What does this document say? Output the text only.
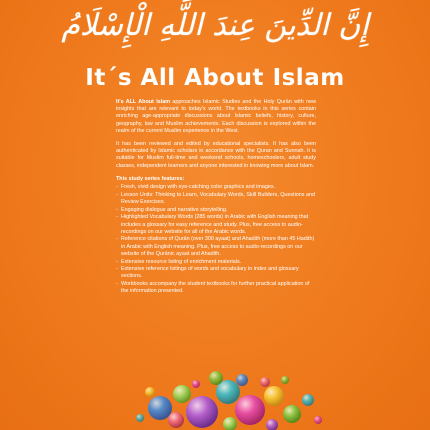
إِنَّ الدِّينَ عِندَ اللَّهِ الْإِسْلَامُ
It´s All About Islam

It's ALL About Islam approaches Islamic Studies and the Holy Qurān with new insights that are relevant to today's world. The textbooks in this series contain enriching age-appropriate discussions about Islamic beliefs, history, culture, geography, law and Muslim achievements. Each discussion is explored within the realm of the current Muslim experience in the West.

It has been reviewed and edited by educational specialists. It has also been authenticated by Islamic scholars in accordance with the Quran and Sunnah. It is suitable for Muslim full-time and weekend schools, homeschoolers, adult study classes, independent learners and anyone interested in knowing more about Islam.

This study series features:
- Fresh, vivid design with eye-catching color graphics and images.
- Lesson Units: Thinking to Learn, Vocabulary Words, Skill Builders, Questions and Review Exercises.
- Engaging dialogue and narrative storytelling.
- Highlighted Vocabulary Words (285 words) in Arabic with English meaning that includes a glossary for easy reference and study. Plus, free access to audio-recordings on our website for all of the Arabic words.
- Reference citations of Qurān (over 300 ayaat) and Ahadith (more than 45 Hadith) in Arabic with English meaning. Plus, free access to audio-recordings on our website of the Qurānic ayaat and Ahadith.
- Extensive resource listing of enrichment materials.
- Extensive reference listings of words and vocabulary in index and glossary sections.
- Workbooks accompany the student textbooks for further practical application of the information presented.
